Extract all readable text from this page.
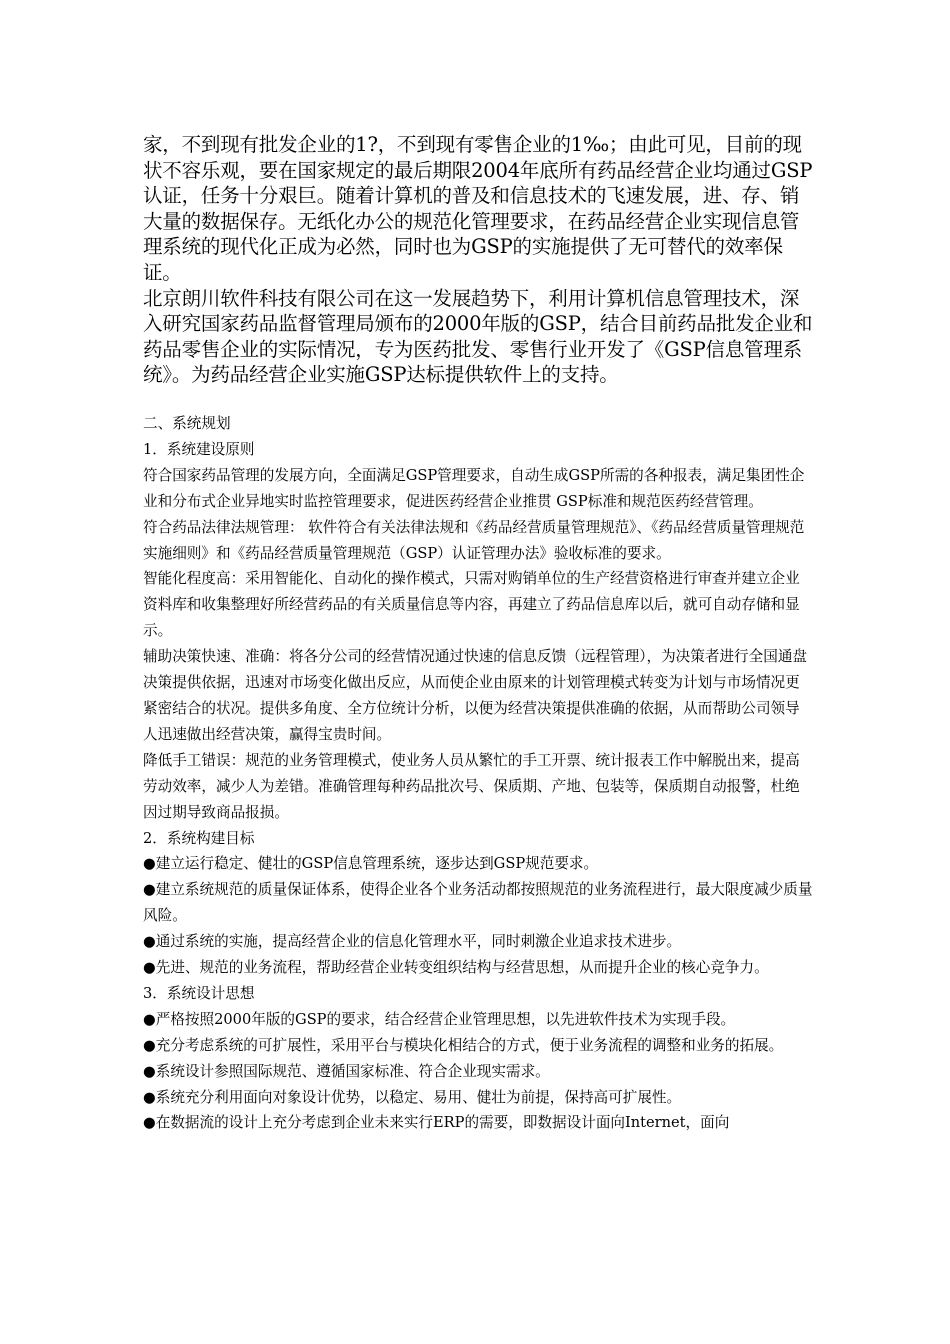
家，不到现有批发企业的1?，不到现有零售企业的1‰；由此可见，目前的现状不容乐观，要在国家规定的最后期限2004年底所有药品经营企业均通过GSP认证，任务十分艰巨。随着计算机的普及和信息技术的飞速发展，进、存、销大量的数据保存。无纸化办公的规范化管理要求，在药品经营企业实现信息管理系统的现代化正成为必然，同时也为GSP的实施提供了无可替代的效率保证。

北京朗川软件科技有限公司在这一发展趋势下，利用计算机信息管理技术，深入研究国家药品监督管理局颁布的2000年版的GSP，结合目前药品批发企业和药品零售企业的实际情况，专为医药批发、零售行业开发了《GSP信息管理系统》。为药品经营企业实施GSP达标提供软件上的支持。

二、系统规划

1．系统建设原则

符合国家药品管理的发展方向，全面满足GSP管理要求，自动生成GSP所需的各种报表，满足集团性企业和分布式企业异地实时监控管理要求，促进医药经营企业推贯 GSP标准和规范医药经营管理。

符合药品法律法规管理： 软件符合有关法律法规和《药品经营质量管理规范》、《药品经营质量管理规范实施细则》和《药品经营质量管理规范（GSP）认证管理办法》验收标准的要求。

智能化程度高：采用智能化、自动化的操作模式，只需对购销单位的生产经营资格进行审查并建立企业资料库和收集整理好所经营药品的有关质量信息等内容，再建立了药品信息库以后，就可自动存储和显示。

辅助决策快速、准确：将各分公司的经营情况通过快速的信息反馈（远程管理），为决策者进行全国通盘决策提供依据，迅速对市场变化做出反应，从而使企业由原来的计划管理模式转变为计划与市场情况更紧密结合的状况。提供多角度、全方位统计分析，以便为经营决策提供准确的依据，从而帮助公司领导人迅速做出经营决策，赢得宝贵时间。

降低手工错误：规范的业务管理模式，使业务人员从繁忙的手工开票、统计报表工作中解脱出来，提高劳动效率，减少人为差错。准确管理每种药品批次号、保质期、产地、包装等，保质期自动报警，杜绝因过期导致商品报损。

2．系统构建目标

●建立运行稳定、健壮的GSP信息管理系统，逐步达到GSP规范要求。

●建立系统规范的质量保证体系，使得企业各个业务活动都按照规范的业务流程进行，最大限度减少质量风险。

●通过系统的实施，提高经营企业的信息化管理水平，同时刺激企业追求技术进步。

●先进、规范的业务流程，帮助经营企业转变组织结构与经营思想，从而提升企业的核心竞争力。

3．系统设计思想

●严格按照2000年版的GSP的要求，结合经营企业管理思想，以先进软件技术为实现手段。

●充分考虑系统的可扩展性，采用平台与模块化相结合的方式，便于业务流程的调整和业务的拓展。

●系统设计参照国际规范、遵循国家标准、符合企业现实需求。

●系统充分利用面向对象设计优势，以稳定、易用、健壮为前提，保持高可扩展性。

●在数据流的设计上充分考虑到企业未来实行ERP的需要，即数据设计面向Internet，面向
